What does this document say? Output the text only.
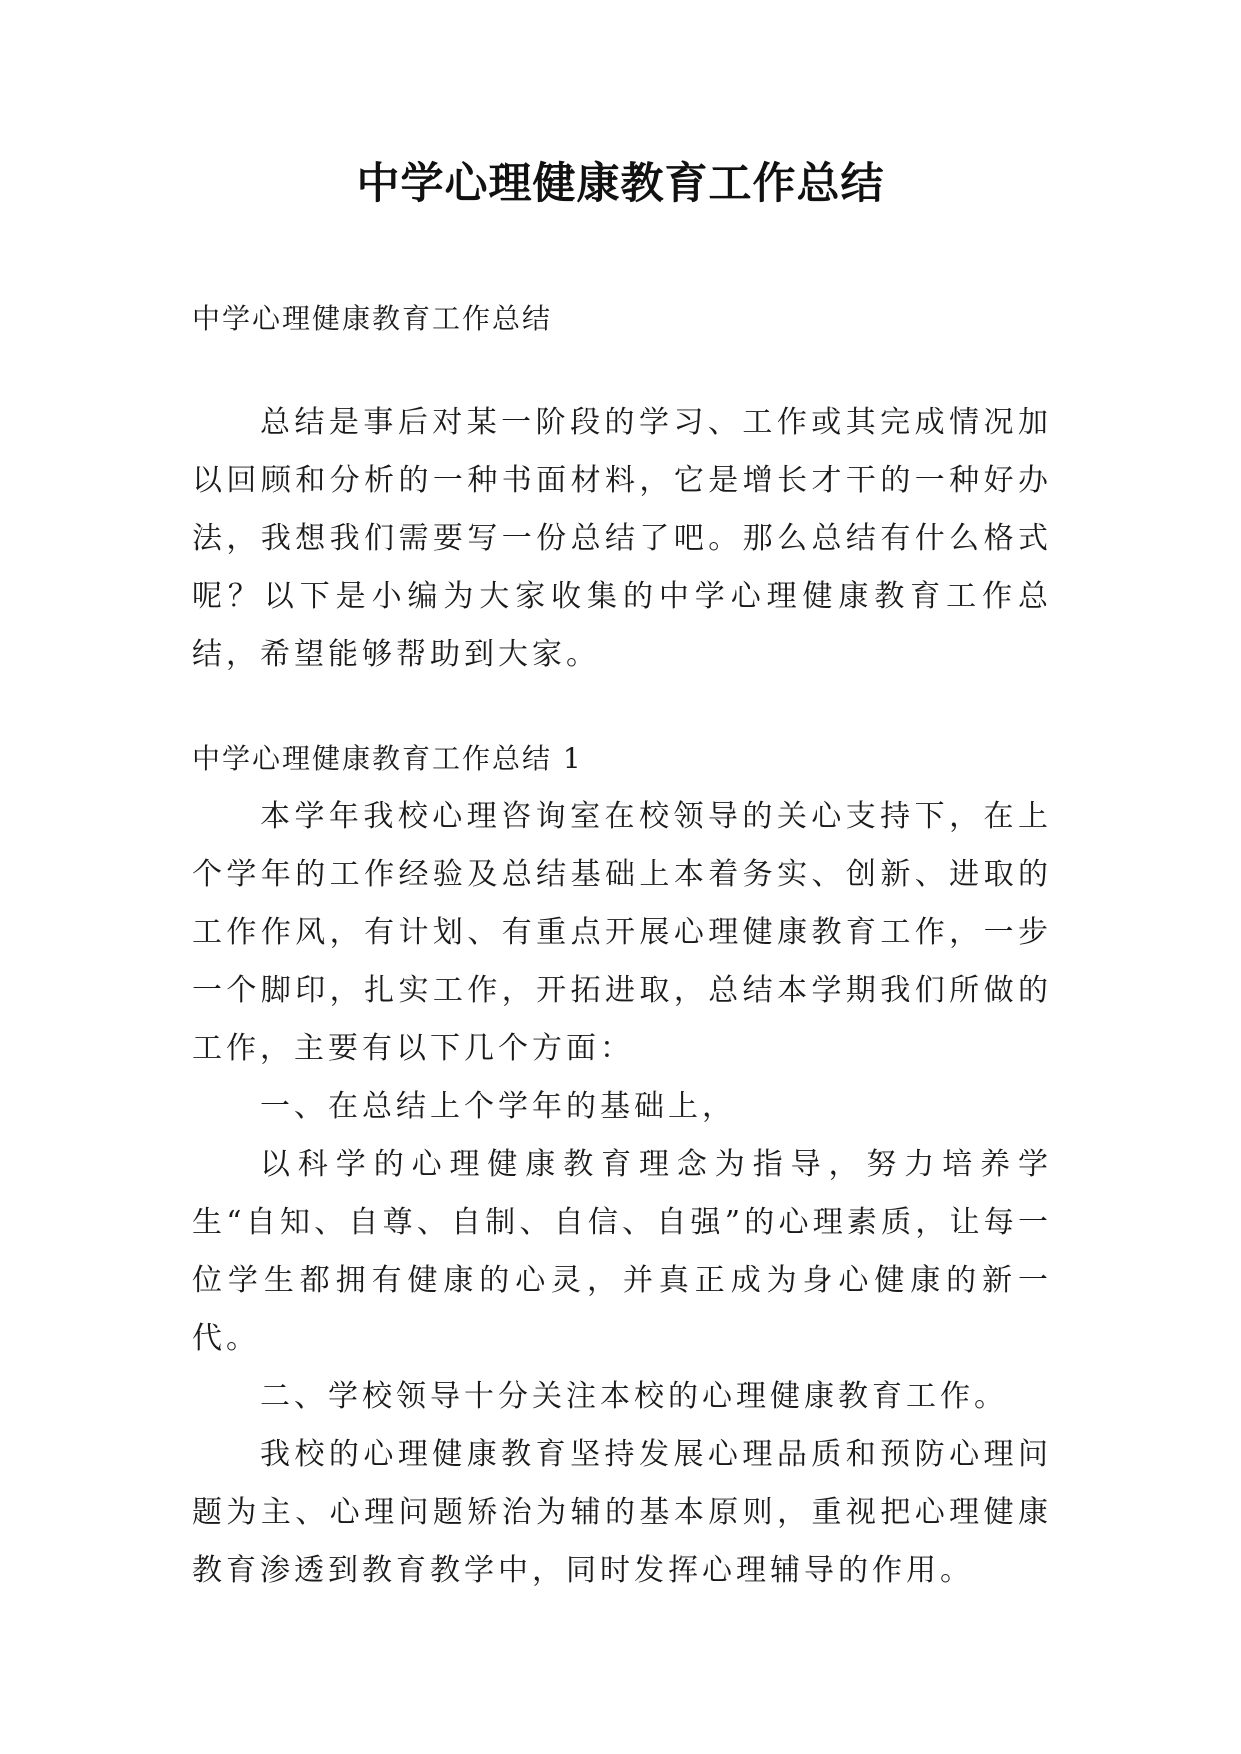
中学心理健康教育工作总结

中学心理健康教育工作总结

总结是事后对某一阶段的学习、工作或其完成情况加以回顾和分析的一种书面材料，它是增长才干的一种好办法，我想我们需要写一份总结了吧。那么总结有什么格式呢？以下是小编为大家收集的中学心理健康教育工作总结，希望能够帮助到大家。

中学心理健康教育工作总结 1

本学年我校心理咨询室在校领导的关心支持下，在上个学年的工作经验及总结基础上本着务实、创新、进取的工作作风，有计划、有重点开展心理健康教育工作，一步一个脚印，扎实工作，开拓进取，总结本学期我们所做的工作，主要有以下几个方面：

一、在总结上个学年的基础上，

以科学的心理健康教育理念为指导，努力培养学生“自知、自尊、自制、自信、自强”的心理素质，让每一位学生都拥有健康的心灵，并真正成为身心健康的新一代。

二、学校领导十分关注本校的心理健康教育工作。

我校的心理健康教育坚持发展心理品质和预防心理问题为主、心理问题矫治为辅的基本原则，重视把心理健康教育渗透到教育教学中，同时发挥心理辅导的作用。
